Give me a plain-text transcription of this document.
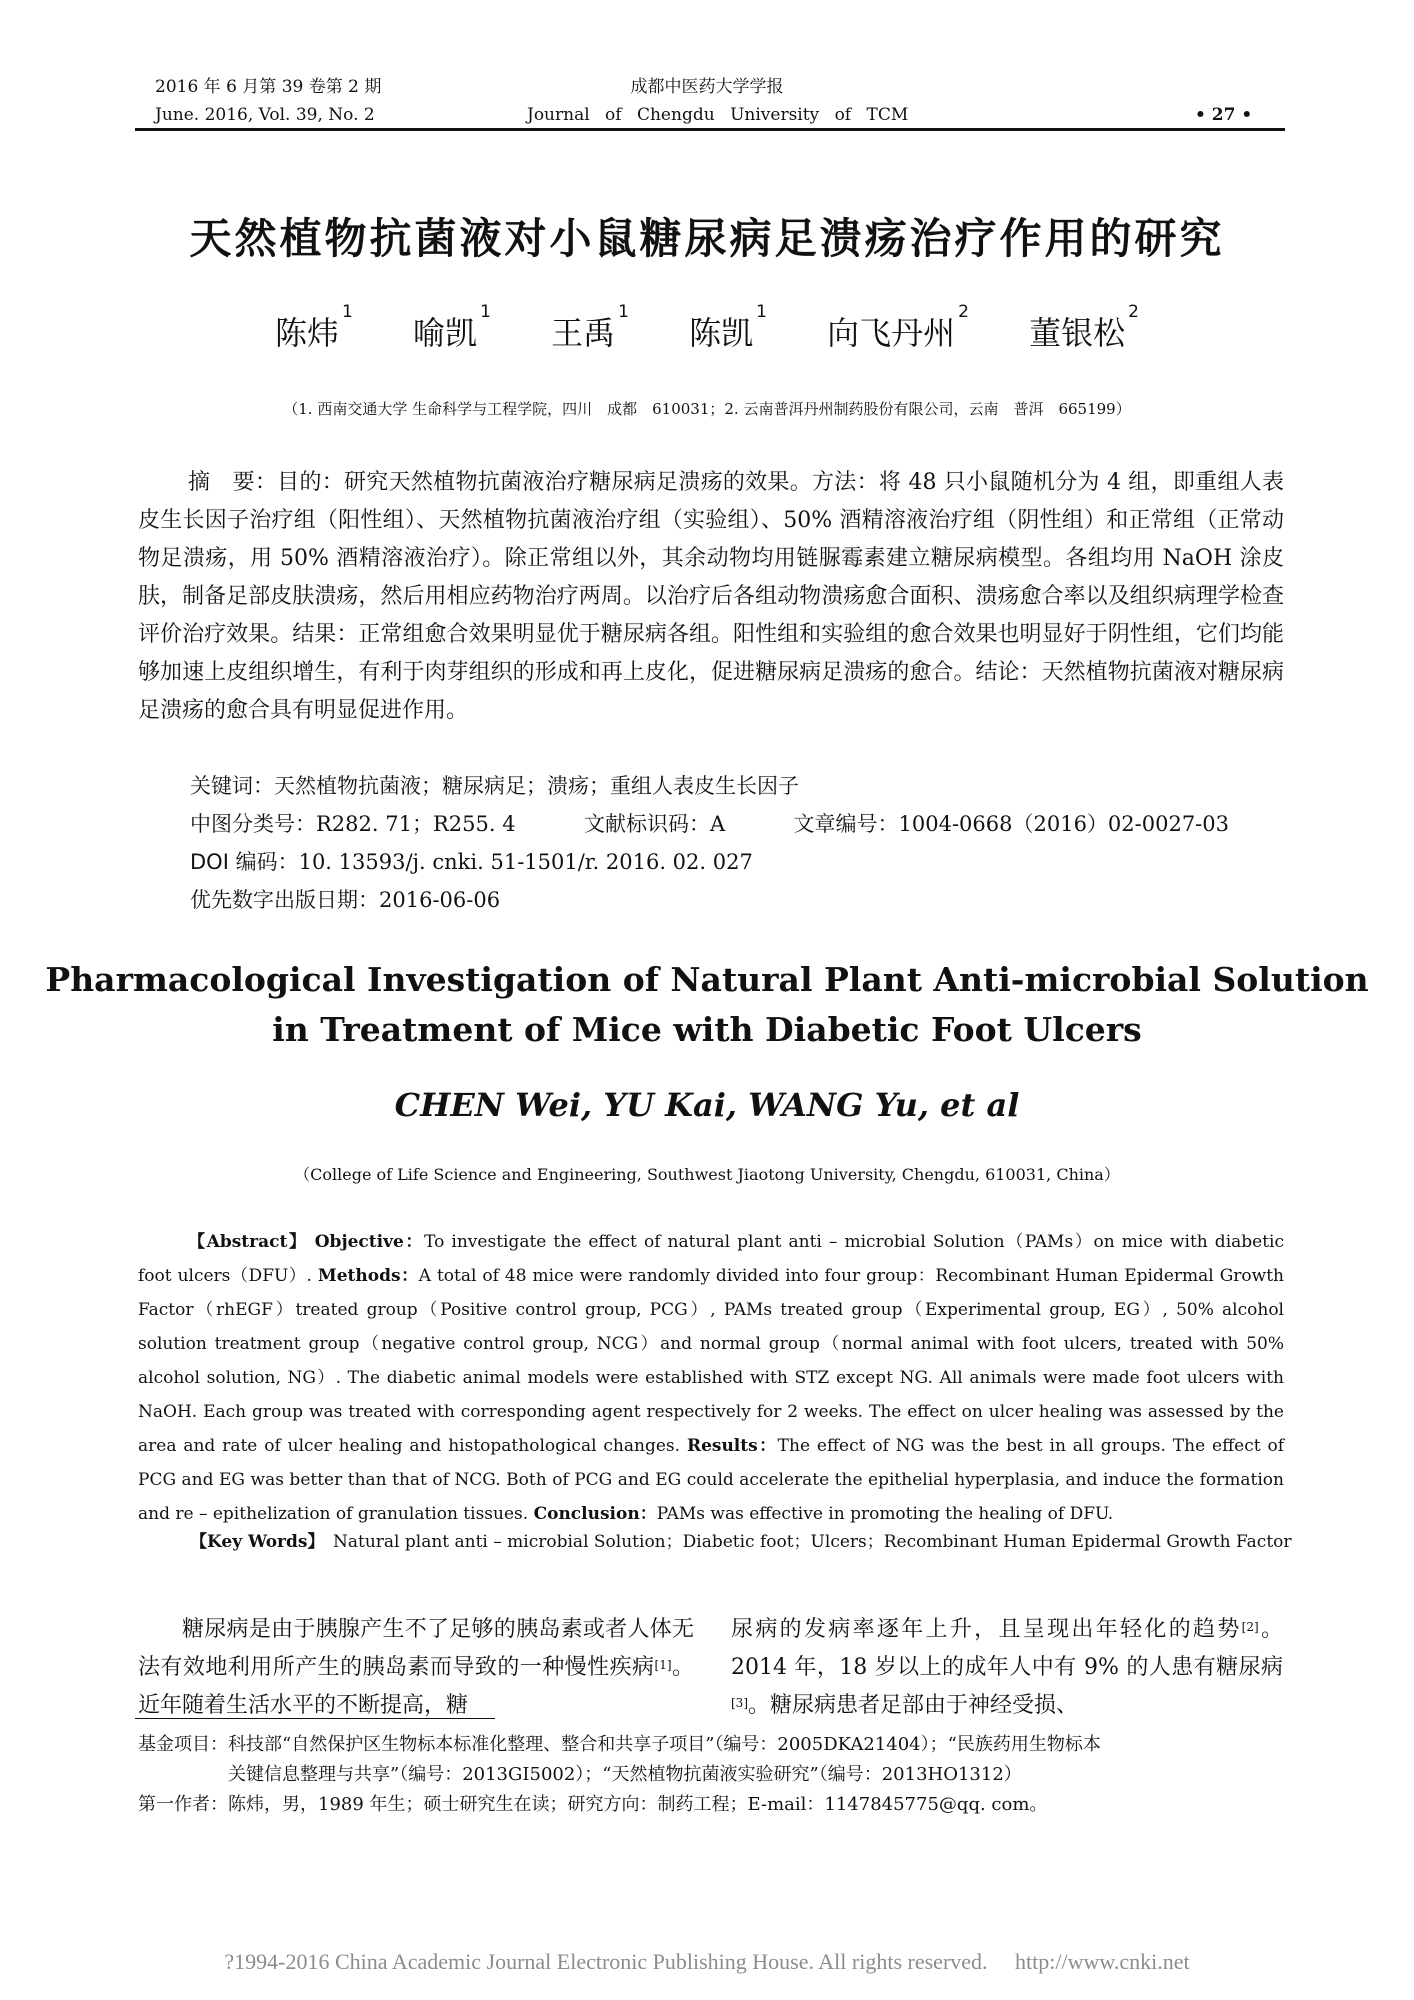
2016 年 6 月第 39 卷第 2 期
June. 2016, Vol. 39, No. 2
成都中医药大学学报
Journal of Chengdu University of TCM	• 27 •
天然植物抗菌液对小鼠糖尿病足溃疡治疗作用的研究
陈炜$^1$ 喻凯$^1$ 王禹$^1$ 陈凯$^1$ 向飞丹州$^2$ 董银松$^2$
（1. 西南交通大学 生命科学与工程学院，四川　成都　610031；2. 云南普洱丹州制药股份有限公司，云南　普洱　665199）
摘　要：目的：研究天然植物抗菌液治疗糖尿病足溃疡的效果。方法：将 48 只小鼠随机分为 4 组，即重组人表皮生长因子治疗组（阳性组）、天然植物抗菌液治疗组（实验组）、50% 酒精溶液治疗组（阴性组）和正常组（正常动物足溃疡，用 50% 酒精溶液治疗）。除正常组以外，其余动物均用链脲霉素建立糖尿病模型。各组均用 NaOH 涂皮肤，制备足部皮肤溃疡，然后用相应药物治疗两周。以治疗后各组动物溃疡愈合面积、溃疡愈合率以及组织病理学检查评价治疗效果。结果：正常组愈合效果明显优于糖尿病各组。阳性组和实验组的愈合效果也明显好于阴性组，它们均能够加速上皮组织增生，有利于肉芽组织的形成和再上皮化，促进糖尿病足溃疡的愈合。结论：天然植物抗菌液对糖尿病足溃疡的愈合具有明显促进作用。
关键词：天然植物抗菌液；糖尿病足；溃疡；重组人表皮生长因子
中图分类号：R282. 71；R255. 4	文献标识码：A	文章编号：1004-0668（2016）02-0027-03
DOI 编码：10. 13593/j. cnki. 51-1501/r. 2016. 02. 027
优先数字出版日期：2016-06-06
Pharmacological Investigation of Natural Plant Anti-microbial Solution
in Treatment of Mice with Diabetic Foot Ulcers
CHEN Wei, YU Kai, WANG Yu, et al
（College of Life Science and Engineering, Southwest Jiaotong University, Chengdu, 610031, China）
【Abstract】 Objective：To investigate the effect of natural plant anti – microbial Solution（PAMs）on mice with diabetic foot ulcers（DFU）. Methods：A total of 48 mice were randomly divided into four group：Recombinant Human Epidermal Growth Factor（rhEGF）treated group（Positive control group, PCG）, PAMs treated group（Experimental group, EG）, 50% alcohol solution treatment group（negative control group, NCG）and normal group（normal animal with foot ulcers, treated with 50% alcohol solution, NG）. The diabetic animal models were established with STZ except NG. All animals were made foot ulcers with NaOH. Each group was treated with corresponding agent respectively for 2 weeks. The effect on ulcer healing was assessed by the area and rate of ulcer healing and histopathological changes. Results：The effect of NG was the best in all groups. The effect of PCG and EG was better than that of NCG. Both of PCG and EG could accelerate the epithelial hyperplasia, and induce the formation and re – epithelization of granulation tissues. Conclusion：PAMs was effective in promoting the healing of DFU.
【Key Words】　 Natural plant anti – microbial Solution；Diabetic foot；Ulcers；Recombinant Human Epidermal Growth Factor
糖尿病是由于胰腺产生不了足够的胰岛素或者人体无法有效地利用所产生的胰岛素而导致的一种慢性疾病[1]。近年随着生活水平的不断提高，糖
尿病的发病率逐年上升，且呈现出年轻化的趋势[2]。2014 年，18 岁以上的成年人中有 9% 的人患有糖尿病[3]。糖尿病患者足部由于神经受损、
基金项目：科技部“自然保护区生物标本标准化整理、整合和共享子项目”（编号：2005DKA21404）；“民族药用生物标本
关键信息整理与共享”（编号：2013GI5002）；“天然植物抗菌液实验研究”（编号：2013HO1312）
第一作者：陈炜，男，1989 年生；硕士研究生在读；研究方向：制药工程；E-mail：1147845775@qq. com。
?1994-2016 China Academic Journal Electronic Publishing House. All rights reserved.　 http://www.cnki.net
